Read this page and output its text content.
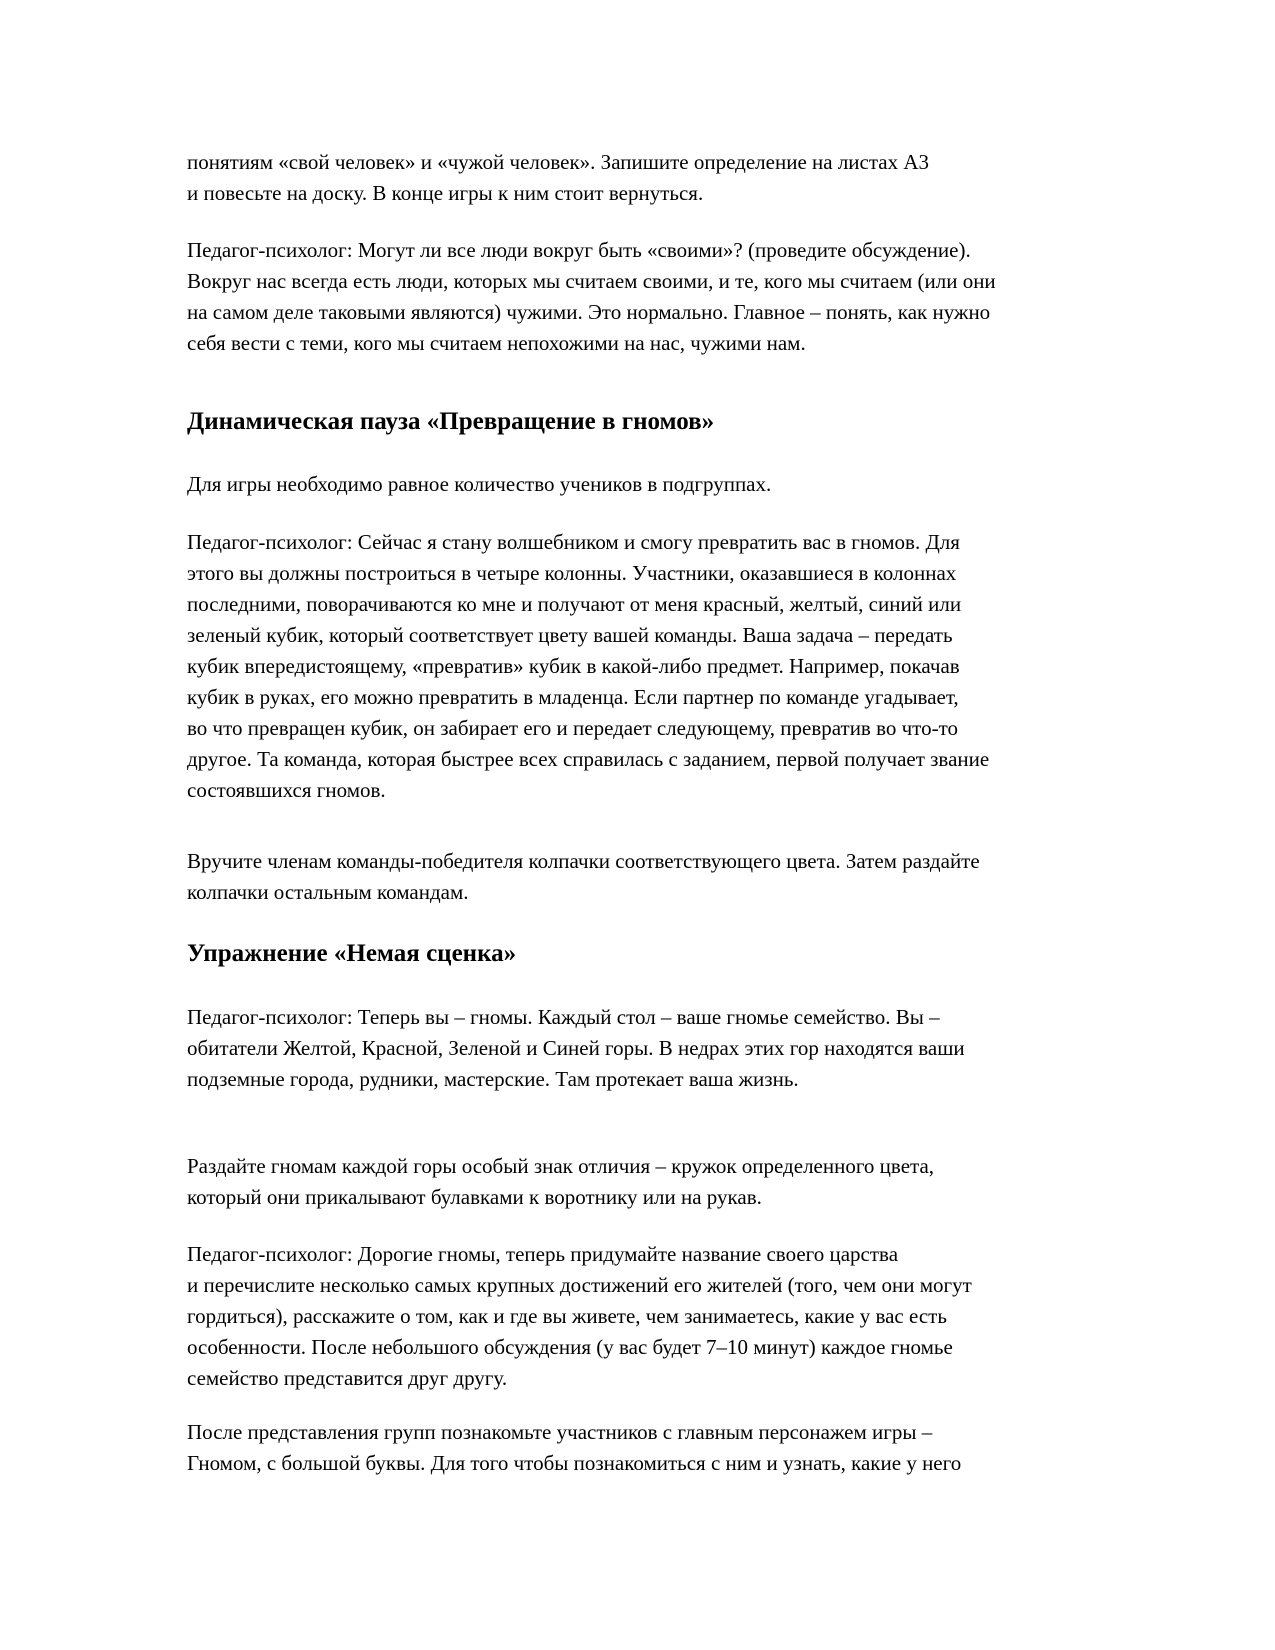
понятиям «свой человек» и «чужой человек». Запишите определение на листах А3
и повесьте на доску. В конце игры к ним стоит вернуться.

Педагог-психолог: Могут ли все люди вокруг быть «своими»? (проведите обсуждение).
Вокруг нас всегда есть люди, которых мы считаем своими, и те, кого мы считаем (или они
на самом деле таковыми являются) чужими. Это нормально. Главное – понять, как нужно
себя вести с теми, кого мы считаем непохожими на нас, чужими нам.

Динамическая пауза «Превращение в гномов»

Для игры необходимо равное количество учеников в подгруппах.

Педагог-психолог: Сейчас я стану волшебником и смогу превратить вас в гномов. Для
этого вы должны построиться в четыре колонны. Участники, оказавшиеся в колоннах
последними, поворачиваются ко мне и получают от меня красный, желтый, синий или
зеленый кубик, который соответствует цвету вашей команды. Ваша задача – передать
кубик впередистоящему, «превратив» кубик в какой-либо предмет. Например, покачав
кубик в руках, его можно превратить в младенца. Если партнер по команде угадывает,
во что превращен кубик, он забирает его и передает следующему, превратив во что-то
другое. Та команда, которая быстрее всех справилась с заданием, первой получает звание
состоявшихся гномов.

Вручите членам команды-победителя колпачки соответствующего цвета. Затем раздайте
колпачки остальным командам.

Упражнение «Немая сценка»

Педагог-психолог: Теперь вы – гномы. Каждый стол – ваше гномье семейство. Вы –
обитатели Желтой, Красной, Зеленой и Синей горы. В недрах этих гор находятся ваши
подземные города, рудники, мастерские. Там протекает ваша жизнь.

Раздайте гномам каждой горы особый знак отличия – кружок определенного цвета,
который они прикалывают булавками к воротнику или на рукав.

Педагог-психолог: Дорогие гномы, теперь придумайте название своего царства
и перечислите несколько самых крупных достижений его жителей (того, чем они могут
гордиться), расскажите о том, как и где вы живете, чем занимаетесь, какие у вас есть
особенности. После небольшого обсуждения (у вас будет 7–10 минут) каждое гномье
семейство представится друг другу.

После представления групп познакомьте участников с главным персонажем игры –
Гномом, с большой буквы. Для того чтобы познакомиться с ним и узнать, какие у него
